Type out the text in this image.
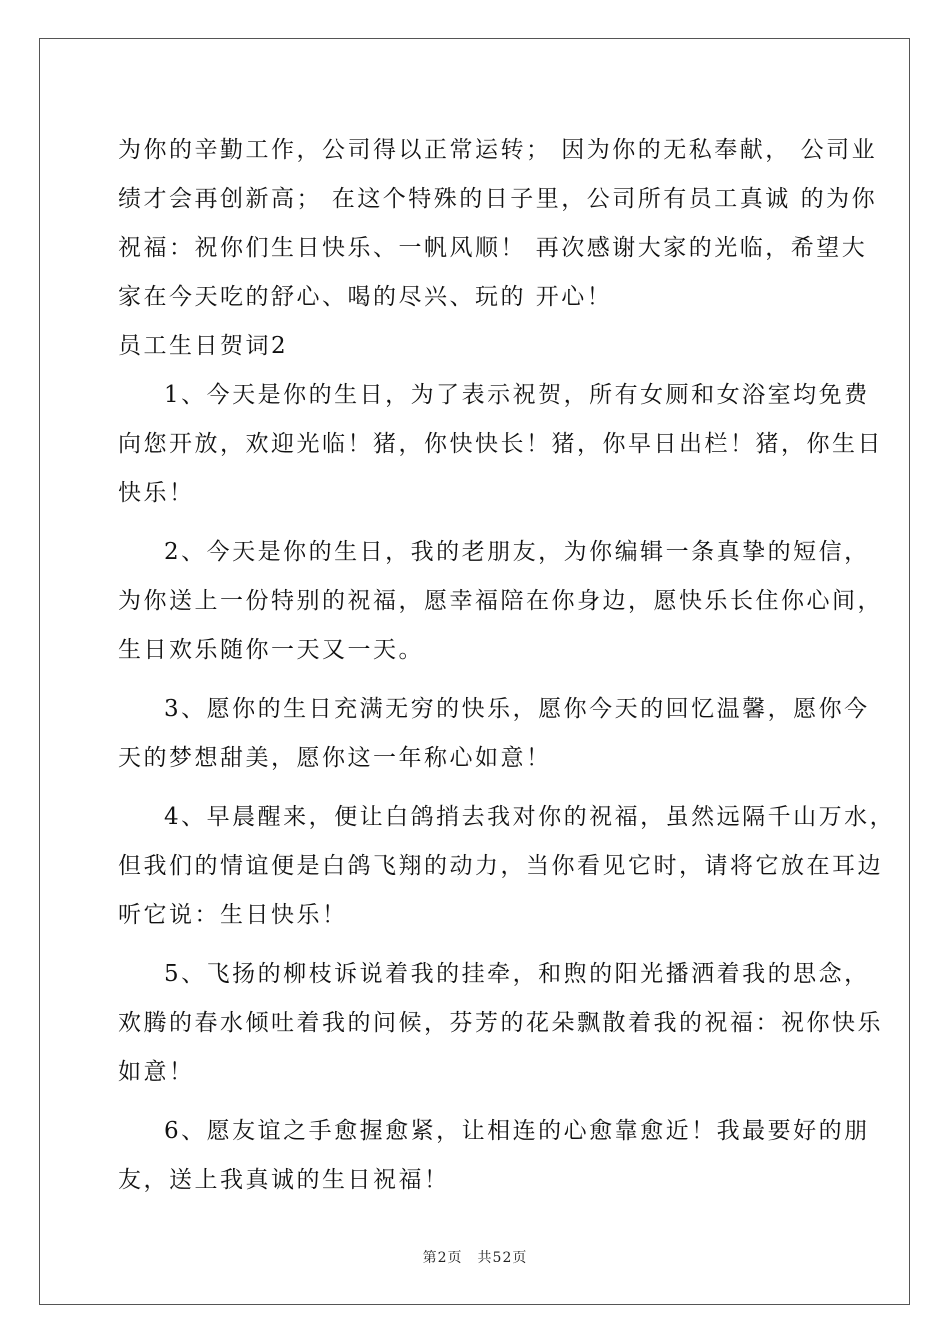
为你的辛勤工作，公司得以正常运转； 因为你的无私奉献， 公司业
绩才会再创新高； 在这个特殊的日子里，公司所有员工真诚 的为你
祝福：祝你们生日快乐、一帆风顺！ 再次感谢大家的光临，希望大
家在今天吃的舒心、喝的尽兴、玩的 开心！
员工生日贺词2
1、今天是你的生日，为了表示祝贺，所有女厕和女浴室均免费
向您开放，欢迎光临！猪，你快快长！猪，你早日出栏！猪，你生日
快乐！
2、今天是你的生日，我的老朋友，为你编辑一条真挚的短信，
为你送上一份特别的祝福，愿幸福陪在你身边，愿快乐长住你心间，
生日欢乐随你一天又一天。
3、愿你的生日充满无穷的快乐，愿你今天的回忆温馨，愿你今
天的梦想甜美，愿你这一年称心如意！
4、早晨醒来，便让白鸽捎去我对你的祝福，虽然远隔千山万水，
但我们的情谊便是白鸽飞翔的动力，当你看见它时，请将它放在耳边
听它说：生日快乐！
5、飞扬的柳枝诉说着我的挂牵，和煦的阳光播洒着我的思念，
欢腾的春水倾吐着我的问候，芬芳的花朵飘散着我的祝福：祝你快乐
如意！
6、愿友谊之手愈握愈紧，让相连的心愈靠愈近！我最要好的朋
友，送上我真诚的生日祝福！
第2页　共52页
